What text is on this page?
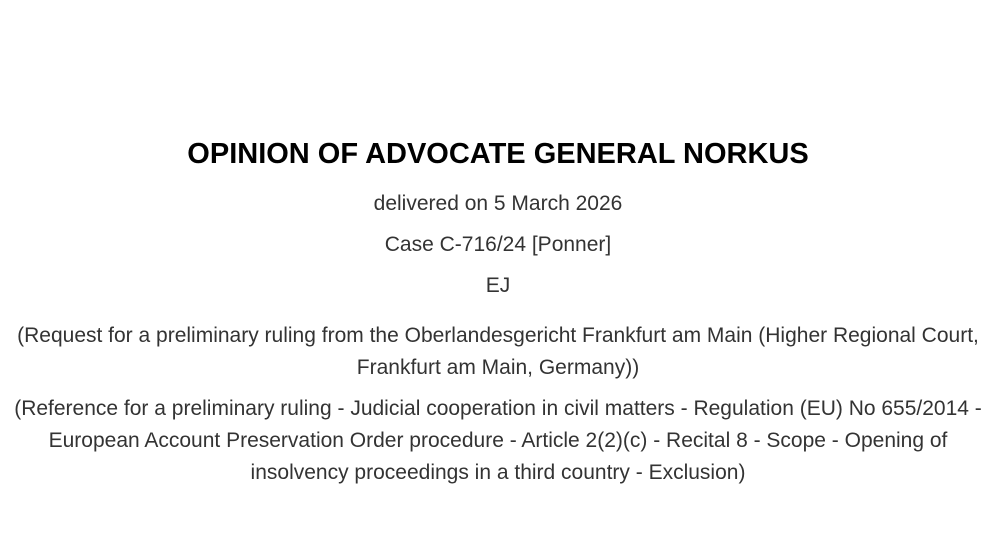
OPINION OF ADVOCATE GENERAL NORKUS

delivered on 5 March 2026

Case C-716/24 [Ponner]

EJ

(Request for a preliminary ruling from the Oberlandesgericht Frankfurt am Main (Higher Regional Court, Frankfurt am Main, Germany))

(Reference for a preliminary ruling - Judicial cooperation in civil matters - Regulation (EU) No 655/2014 - European Account Preservation Order procedure - Article 2(2)(c) - Recital 8 - Scope - Opening of insolvency proceedings in a third country - Exclusion)
